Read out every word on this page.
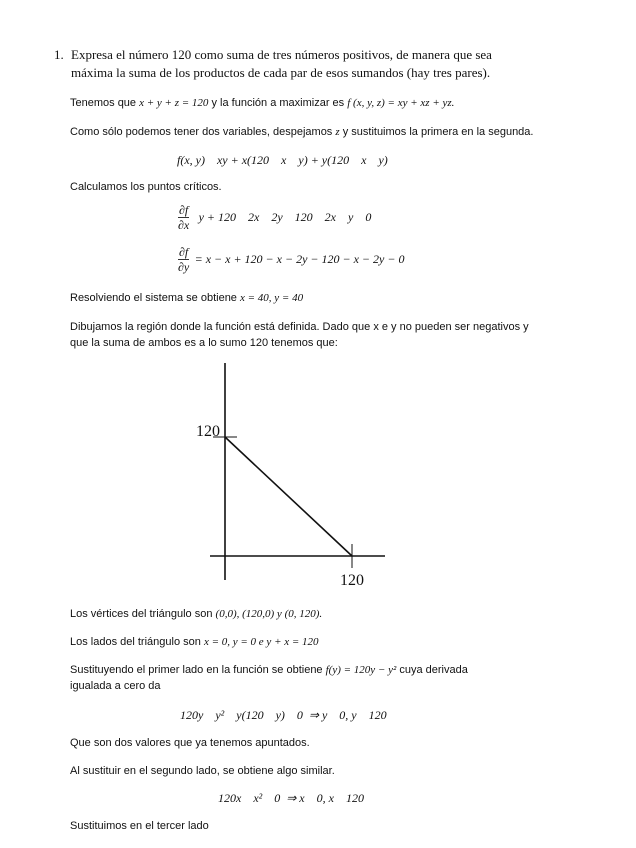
1. Expresa el número 120 como suma de tres números positivos, de manera que sea
máxima la suma de los productos de cada par de esos sumandos (hay tres pares).
Tenemos que x + y + z = 120 y la función a maximizar es f (x, y, z) = xy + xz + yz.
Como sólo podemos tener dos variables, despejamos z y sustituimos la primera en la segunda.
f(x, y)    xy + x(120    x    y) + y(120    x    y)
Calculamos los puntos críticos.
$\frac{\partial f}{\partial x}$ y + 120    2x    2y    120    2x    y    0
$\frac{\partial f}{\partial y} = x - x + 120 - x - 2y - 120 - x - 2y - 0$
Resolviendo el sistema se obtiene x = 40, y = 40
Dibujamos la región donde la función está definida. Dado que x e y no pueden ser negativos y
que la suma de ambos es a lo sumo 120 tenemos que:
120
120
Los vértices del triángulo son (0,0), (120,0) y (0, 120).
Los lados del triángulo son x = 0, y = 0 e y + x = 120
Sustituyendo el primer lado en la función se obtiene f(y) = 120y − y² cuya derivada
igualada a cero da
120y    y²    y(120    y)    0  ⇒ y    0, y    120
Que son dos valores que ya tenemos apuntados.
Al sustituir en el segundo lado, se obtiene algo similar.
120x    x²    0  ⇒ x    0, x    120
Sustituimos en el tercer lado
